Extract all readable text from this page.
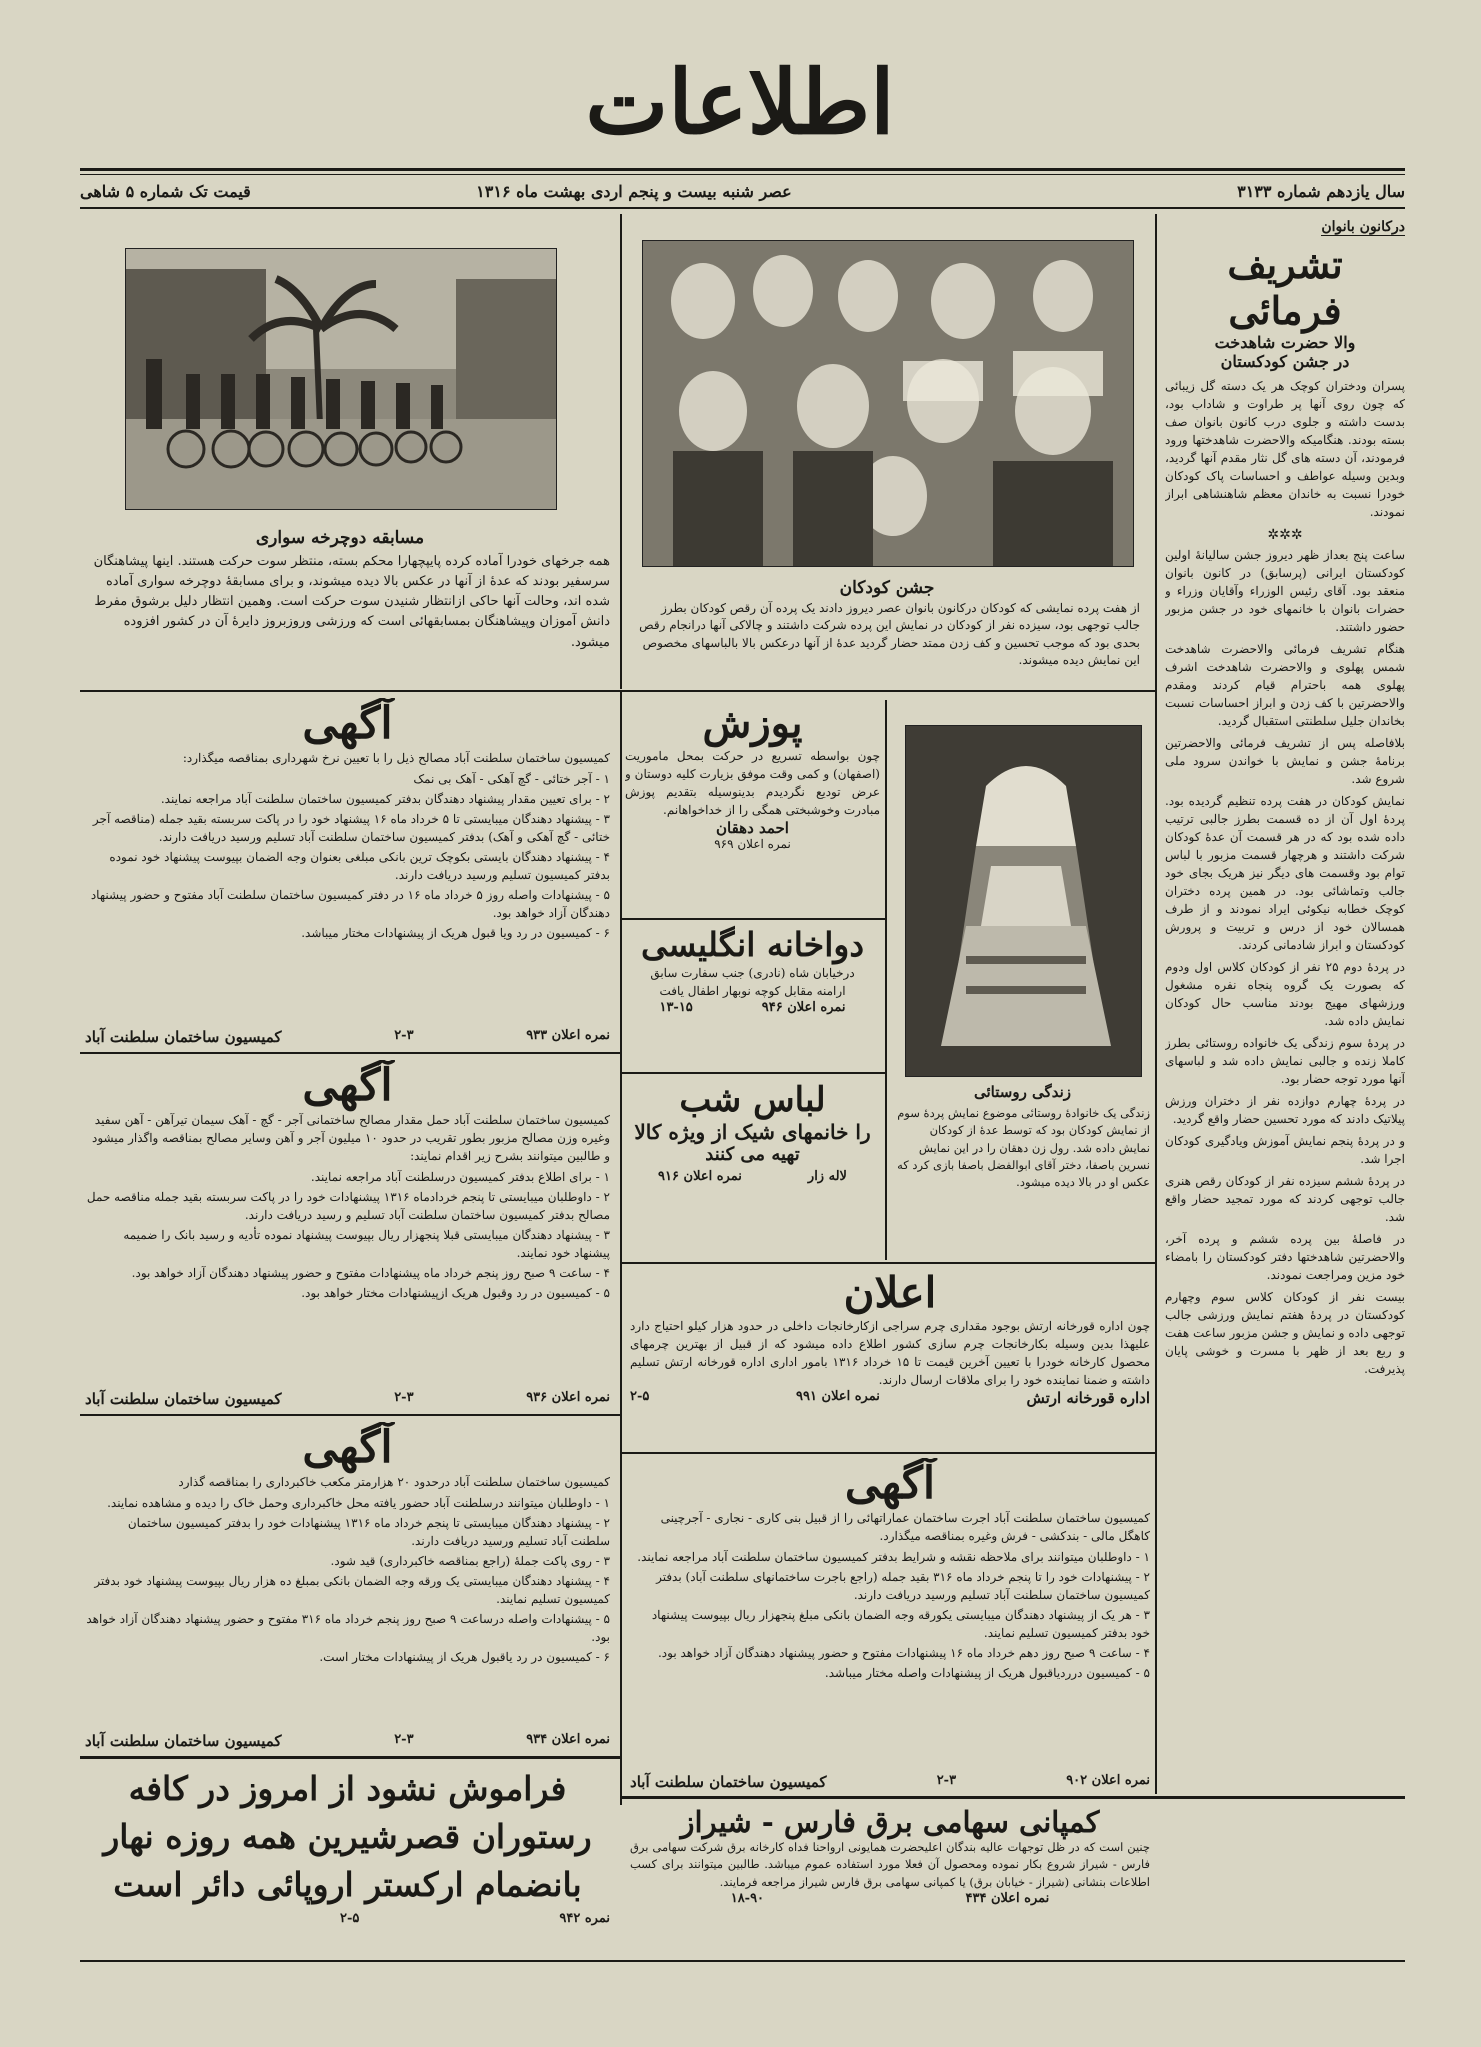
اطلاعات
سال یازدهم شماره ۳۱۳۳
عصر شنبه بیست و پنجم اردی بهشت ماه ۱۳۱۶
قیمت تک شماره ۵ شاهی
مسابقه دوچرخه سواری
همه جرخهای خودرا آماده کرده پایپچهارا محکم بسته، منتظر سوت حرکت هستند. اینها پیشاهنگان سرسفیر بودند که عدهٔ از آنها در عکس بالا دیده میشوند، و برای مسابقهٔ دوچرخه سواری آماده شده اند، وحالت آنها حاکی ازانتظار شنیدن سوت حرکت است. وهمین انتظار دلیل برشوق مفرط دانش آموزان وپیشاهنگان بمسابقهائی است که ورزشی وروزبروز دایرهٔ آن در کشور افزوده میشود.
جشن کودکان
از هفت پرده نمایشی که کودکان درکانون بانوان عصر دیروز دادند یک پرده آن رقص کودکان بطرز جالب توجهی بود، سیزده نفر از کودکان در نمایش این پرده شرکت داشتند و چالاکی آنها درانجام رقص بحدی بود که موجب تحسین و کف زدن ممتد حضار گردید عدهٔ از آنها درعکس بالا بالباسهای مخصوص این نمایش دیده میشوند.
درکانون بانوان
تشریف فرمائی
والا حضرت شاهدخت
در جشن کودکستان

پسران ودختران کوچک هر یک دسته گل زیبائی که چون روی آنها پر طراوت و شاداب بود، بدست داشته و جلوی درب کانون بانوان صف بسته بودند. هنگامیکه والاحضرت شاهدختها ورود فرمودند، آن دسته های گل نثار مقدم آنها گردید، وبدین وسیله عواطف و احساسات پاک کودکان خودرا نسبت به خاندان معظم شاهنشاهی ابراز نمودند.

✲✲✲

ساعت پنج بعداز ظهر دیروز جشن سالیانهٔ اولین کودکستان ایرانی (پرسابق) در کانون بانوان منعقد بود. آقای رئیس الوزراء وآقایان وزراء و حضرات بانوان با خانمهای خود در جشن مزبور حضور داشتند.

هنگام تشریف فرمائی والاحضرت شاهدخت شمس پهلوی و والاحضرت شاهدخت اشرف پهلوی همه باحترام قیام کردند ومقدم والاحضرتین با کف زدن و ابراز احساسات نسبت بخاندان جلیل سلطنتی استقبال گردید.

بلافاصله پس از تشریف فرمائی والاحضرتین برنامهٔ جشن و نمایش با خواندن سرود ملی شروع شد.

نمایش کودکان در هفت پرده تنظیم گردیده بود. پردهٔ اول آن از ده قسمت بطرز جالبی ترتیب داده شده بود که در هر قسمت آن عدهٔ کودکان شرکت داشتند و هرچهار قسمت مزبور با لباس توام بود وقسمت های دیگر نیز هریک بجای خود جالب وتماشائی بود. در همین پرده دختران کوچک خطابه نیکوئی ایراد نمودند و از طرف همسالان خود از درس و تربیت و پرورش کودکستان و ابراز شادمانی کردند.

در پردهٔ دوم ۲۵ نفر از کودکان کلاس اول ودوم که بصورت یک گروه پنجاه نفره مشغول ورزشهای مهیج بودند مناسب حال کودکان نمایش داده شد.

در پردهٔ سوم زندگی یک خانواده روستائی بطرز کاملا زنده و جالبی نمایش داده شد و لباسهای آنها مورد توجه حضار بود.

در پردهٔ چهارم دوازده نفر از دختران ورزش پیلاتیک دادند که مورد تحسین حضار واقع گردید.

و در پردهٔ پنجم نمایش آموزش ویادگیری کودکان اجرا شد.

در پردهٔ ششم سیزده نفر از کودکان رقص هنری جالب توجهی کردند که مورد تمجید حضار واقع شد.

در فاصلهٔ بین پرده ششم و پرده آخر، والاحضرتین شاهدختها دفتر کودکستان را بامضاء خود مزین ومراجعت نمودند.

بیست نفر از کودکان کلاس سوم وچهارم کودکستان در پردهٔ هفتم نمایش ورزشی جالب توجهی داده و نمایش و جشن مزبور ساعت هفت و ربع بعد از ظهر با مسرت و خوشی پایان پذیرفت.

آگهی
کمیسیون ساختمان سلطنت آباد مصالح ذیل را با تعیین نرخ شهرداری بمناقصه میگذارد:
۱ - آجر ختائی - گچ آهکی - آهک بی نمک
۲ - برای تعیین مقدار پیشنهاد دهندگان بدفتر کمیسیون ساختمان سلطنت آباد مراجعه نمایند.
۳ - پیشنهاد دهندگان میبایستی تا ۵ خرداد ماه ۱۶ پیشنهاد خود را در پاکت سربسته بقید جمله (مناقصه آجر ختائی - گچ آهکی و آهک) بدفتر کمیسیون ساختمان سلطنت آباد تسلیم ورسید دریافت دارند.
۴ - پیشنهاد دهندگان بایستی بکوچک ترین بانکی مبلغی بعنوان وجه الضمان بپیوست پیشنهاد خود نموده بدفتر کمیسیون تسلیم ورسید دریافت دارند.
۵ - پیشنهادات واصله روز ۵ خرداد ماه ۱۶ در دفتر کمیسیون ساختمان سلطنت آباد مفتوح و حضور پیشنهاد دهندگان آزاد خواهد بود.
۶ - کمیسیون در رد ویا قبول هریک از پیشنهادات مختار میباشد.
نمره اعلان ۹۳۳
۲-۳
کمیسیون ساختمان سلطنت آباد
آگهی
کمیسیون ساختمان سلطنت آباد حمل مقدار مصالح ساختمانی آجر - گچ - آهک سیمان تیرآهن - آهن سفید وغیره وزن مصالح مزبور بطور تقریب در حدود ۱۰ میلیون آجر و آهن وسایر مصالح بمناقصه واگذار میشود و طالبین میتوانند بشرح زیر اقدام نمایند:
۱ - برای اطلاع بدفتر کمیسیون درسلطنت آباد مراجعه نمایند.
۲ - داوطلبان میبایستی تا پنجم خردادماه ۱۳۱۶ پیشنهادات خود را در پاکت سربسته بقید جمله مناقصه حمل مصالح بدفتر کمیسیون ساختمان سلطنت آباد تسلیم و رسید دریافت دارند.
۳ - پیشنهاد دهندگان میبایستی قبلا پنجهزار ریال بپیوست پیشنهاد نموده تأدیه و رسید بانک را ضمیمه پیشنهاد خود نمایند.
۴ - ساعت ۹ صبح روز پنجم خرداد ماه پیشنهادات مفتوح و حضور پیشنهاد دهندگان آزاد خواهد بود.
۵ - کمیسیون در رد وقبول هریک ازپیشنهادات مختار خواهد بود.
نمره اعلان ۹۳۶
۲-۳
کمیسیون ساختمان سلطنت آباد
آگهی
کمیسیون ساختمان سلطنت آباد درحدود ۲۰ هزارمتر مکعب خاکبرداری را بمناقصه گذارد
۱ - داوطلبان میتوانند درسلطنت آباد حضور یافته محل خاکبرداری وحمل خاک را دیده و مشاهده نمایند.
۲ - پیشنهاد دهندگان میبایستی تا پنجم خرداد ماه ۱۳۱۶ پیشنهادات خود را بدفتر کمیسیون ساختمان سلطنت آباد تسلیم ورسید دریافت دارند.
۳ - روی پاکت جملهٔ (راجع بمناقصه خاکبرداری) قید شود.
۴ - پیشنهاد دهندگان میبایستی یک ورقه وجه الضمان بانکی بمبلغ ده هزار ریال بپیوست پیشنهاد خود بدفتر کمیسیون تسلیم نمایند.
۵ - پیشنهادات واصله درساعت ۹ صبح روز پنجم خرداد ماه ۳۱۶ مفتوح و حضور پیشنهاد دهندگان آزاد خواهد بود.
۶ - کمیسیون در رد یاقبول هریک از پیشنهادات مختار است.
نمره اعلان ۹۳۴
۲-۳
کمیسیون ساختمان سلطنت آباد
فراموش نشود از امروز در کافه
رستوران قصرشیرین همه روزه نهار
بانضمام ارکستر اروپائی دائر است
نمره ۹۴۲
۲-۵
پوزش
چون بواسطه تسریع در حرکت بمحل ماموریت (اصفهان) و کمی وقت موفق بزیارت کلیه دوستان و عرض تودیع نگردیدم بدینوسیله بتقدیم پوزش مبادرت وخوشبختی همگی را از خداخواهانم.
احمد دهقان
نمره اعلان ۹۶۹
دواخانه انگلیسی
درخیابان شاه (نادری) جنب سفارت سابق
ارامنه مقابل کوچه نوبهار اطفال یافت
نمره اعلان ۹۴۶
۱۳-۱۵
لباس شب
را خانمهای شیک از ویژه کالا
تهیه می کنند
لاله زار
نمره اعلان ۹۱۶
زندگی روستائی
زندگی یک خانوادهٔ روستائی موضوع نمایش پردهٔ سوم از نمایش کودکان بود که توسط عدهٔ از کودکان نمایش داده شد. رول زن دهقان را در این نمایش نسرین باصفا، دختر آقای ابوالفضل باصفا بازی کرد که عکس او در بالا دیده میشود.
اعلان
چون اداره قورخانه ارتش بوجود مقداری چرم سراجی ازکارخانجات داخلی در حدود هزار کیلو احتیاج دارد علیهذا بدین وسیله بکارخانجات چرم سازی کشور اطلاع داده میشود که از قبیل از بهترین چرمهای محصول کارخانه خودرا با تعیین آخرین قیمت تا ۱۵ خرداد ۱۳۱۶ بامور اداری اداره قورخانه ارتش تسلیم داشته و ضمنا نماینده خود را برای ملاقات ارسال دارند.
اداره قورخانه ارتش
نمره اعلان ۹۹۱
۲-۵
آگهی
کمیسیون ساختمان سلطنت آباد اجرت ساختمان عماراتهائی را از قبیل بنی کاری - نجاری - آجرچینی کاهگل مالی - بندکشی - فرش وغیره بمناقصه میگذارد.
۱ - داوطلبان میتوانند برای ملاحظه نقشه و شرایط بدفتر کمیسیون ساختمان سلطنت آباد مراجعه نمایند.
۲ - پیشنهادات خود را تا پنجم خرداد ماه ۳۱۶ بقید جمله (راجع باجرت ساختمانهای سلطنت آباد) بدفتر کمیسیون ساختمان سلطنت آباد تسلیم ورسید دریافت دارند.
۳ - هر یک از پیشنهاد دهندگان میبایستی یکورقه وجه الضمان بانکی مبلغ پنجهزار ریال بپیوست پیشنهاد خود بدفتر کمیسیون تسلیم نمایند.
۴ - ساعت ۹ صبح روز دهم خرداد ماه ۱۶ پیشنهادات مفتوح و حضور پیشنهاد دهندگان آزاد خواهد بود.
۵ - کمیسیون درردیاقبول هریک از پیشنهادات واصله مختار میباشد.
نمره اعلان ۹۰۲
۲-۳
کمیسیون ساختمان سلطنت آباد
کمپانی سهامی برق فارس - شیراز
چنین است که در ظل توجهات عالیه بندگان اعلیحضرت همایونی ارواحنا فداه کارخانه برق شرکت سهامی برق فارس - شیراز شروع بکار نموده ومحصول آن فعلا مورد استفاده عموم میباشد. طالبین میتوانند برای کسب اطلاعات بنشانی (شیراز - خیابان برق) یا کمپانی سهامی برق فارس شیراز مراجعه فرمایند.
نمره اعلان ۴۳۴
۱۸-۹۰
